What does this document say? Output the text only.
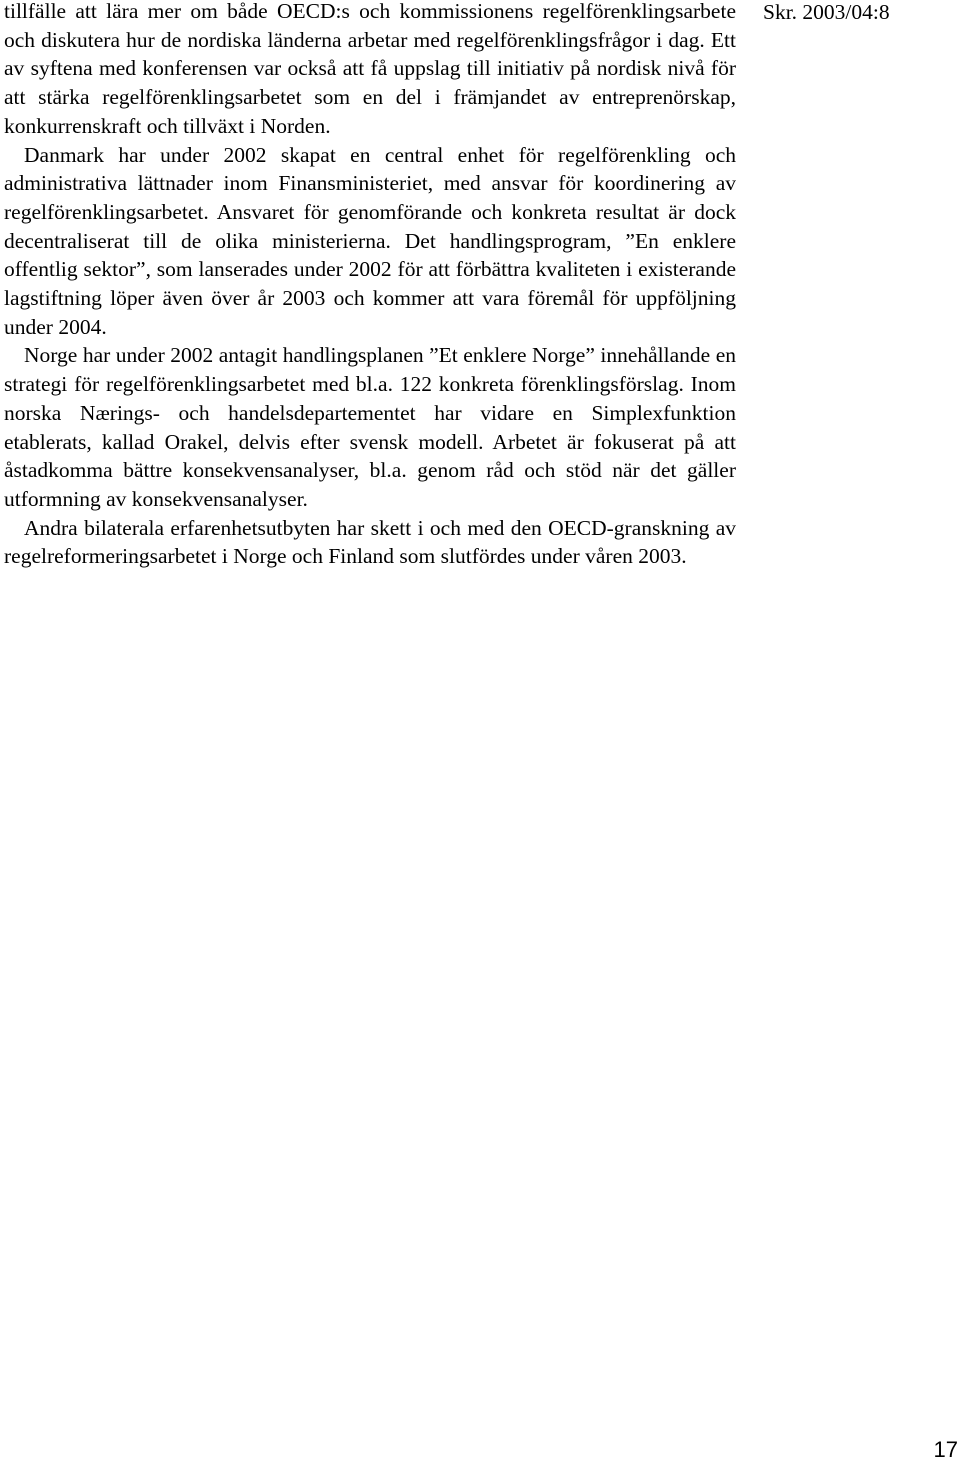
tillfälle att lära mer om både OECD:s och kommissionens regelförenklingsarbete och diskutera hur de nordiska länderna arbetar med regelförenklingsfrågor i dag. Ett av syftena med konferensen var också att få uppslag till initiativ på nordisk nivå för att stärka regelförenklingsarbetet som en del i främjandet av entreprenörskap, konkurrenskraft och tillväxt i Norden.

Danmark har under 2002 skapat en central enhet för regelförenkling och administrativa lättnader inom Finansministeriet, med ansvar för koordinering av regelförenklingsarbetet. Ansvaret för genomförande och konkreta resultat är dock decentraliserat till de olika ministerierna. Det handlingsprogram, ”En enklere offentlig sektor”, som lanserades under 2002 för att förbättra kvaliteten i existerande lagstiftning löper även över år 2003 och kommer att vara föremål för uppföljning under 2004.

Norge har under 2002 antagit handlingsplanen ”Et enklere Norge” innehållande en strategi för regelförenklingsarbetet med bl.a. 122 konkreta förenklingsförslag. Inom norska Nærings- och handelsdepartementet har vidare en Simplexfunktion etablerats, kallad Orakel, delvis efter svensk modell. Arbetet är fokuserat på att åstadkomma bättre konsekvensanalyser, bl.a. genom råd och stöd när det gäller utformning av konsekvensanalyser.

Andra bilaterala erfarenhetsutbyten har skett i och med den OECD-granskning av regelreformeringsarbetet i Norge och Finland som slutfördes under våren 2003.

Skr. 2003/04:8
17
